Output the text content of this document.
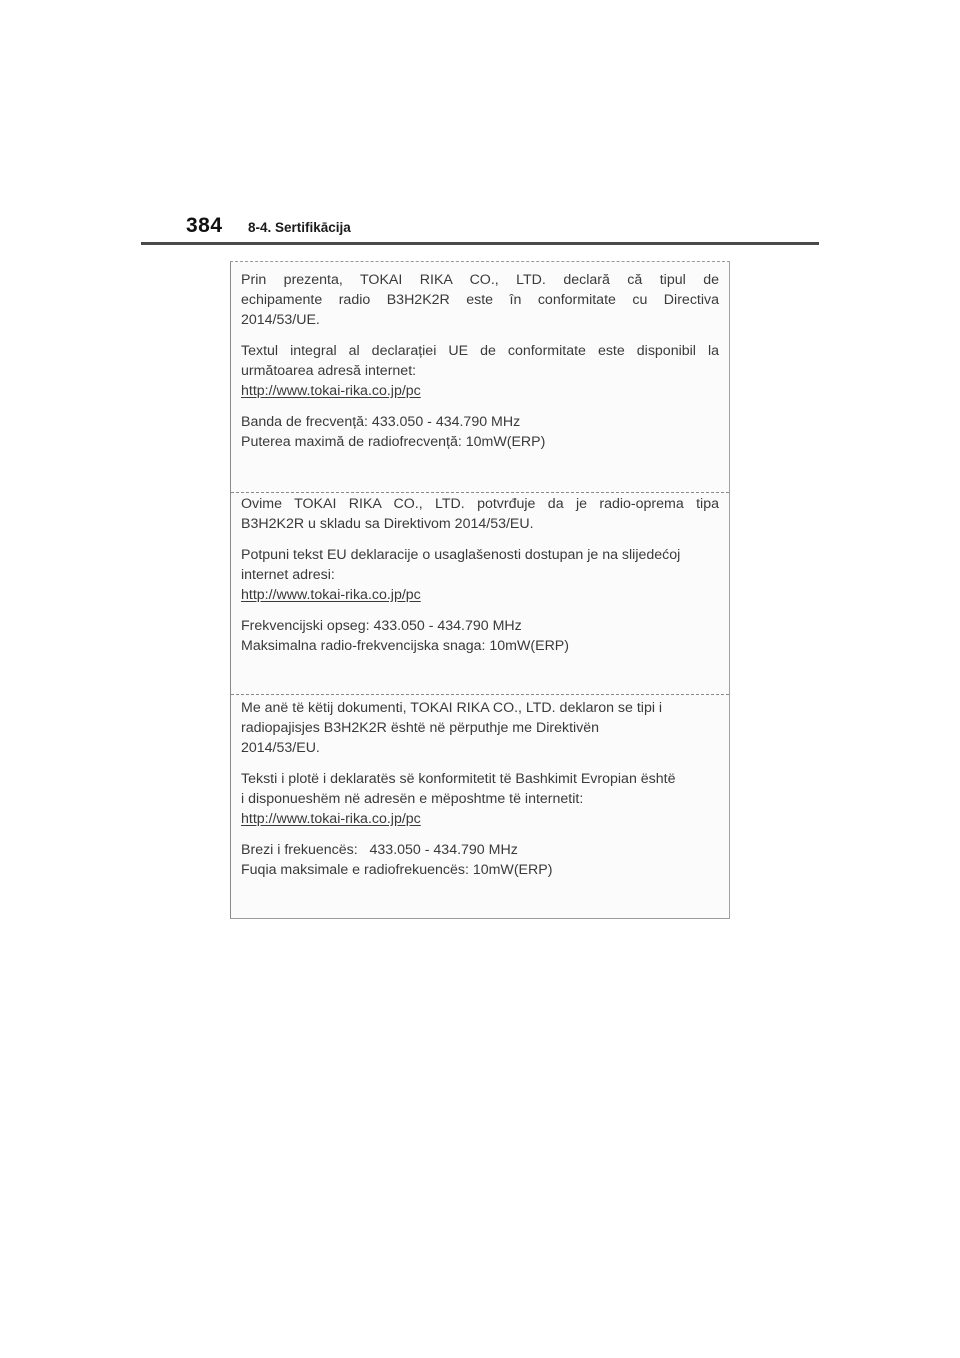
384 8-4. Sertifikācija

Prin prezenta, TOKAI RIKA CO., LTD. declară că tipul de
echipamente radio B3H2K2R este în conformitate cu Directiva
2014/53/UE.

Textul integral al declarației UE de conformitate este disponibil la
următoarea adresă internet:
http://www.tokai-rika.co.jp/pc

Banda de frecvență: 433.050 - 434.790 MHz
Puterea maximă de radiofrecvență: 10mW(ERP)

Ovime TOKAI RIKA CO., LTD. potvrđuje da je radio-oprema tipa
B3H2K2R u skladu sa Direktivom 2014/53/EU.

Potpuni tekst EU deklaracije o usaglašenosti dostupan je na slijedećoj
internet adresi:
http://www.tokai-rika.co.jp/pc

Frekvencijski opseg: 433.050 - 434.790 MHz
Maksimalna radio-frekvencijska snaga: 10mW(ERP)

Me anë të këtij dokumenti, TOKAI RIKA CO., LTD. deklaron se tipi i
radiopajisjes B3H2K2R është në përputhje me Direktivën
2014/53/EU.

Teksti i plotë i deklaratës së konformitetit të Bashkimit Evropian është
i disponueshëm në adresën e mëposhtme të internetit:
http://www.tokai-rika.co.jp/pc

Brezi i frekuencës:   433.050 - 434.790 MHz
Fuqia maksimale e radiofrekuencës: 10mW(ERP)
